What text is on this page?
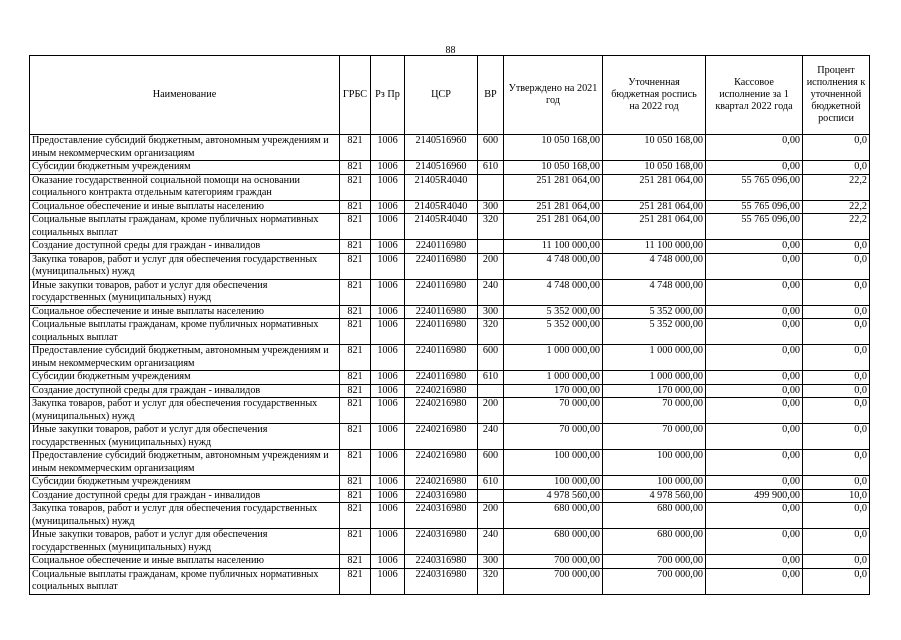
88
Наименование	ГРБС	Рз Пр	ЦСР	ВР	Утверждено на 2021 год	Уточненная бюджетная роспись на 2022 год	Кассовое исполнение за 1 квартал 2022 года	Процент исполнения к уточненной бюджетной росписи
Предоставление субсидий бюджетным, автономным учреждениям и иным некоммерческим организациям	821	1006	2140516960	600	10 050 168,00	10 050 168,00	0,00	0,0
Субсидии бюджетным учреждениям	821	1006	2140516960	610	10 050 168,00	10 050 168,00	0,00	0,0
Оказание государственной социальной помощи на основании социального контракта отдельным категориям граждан	821	1006	21405R4040		251 281 064,00	251 281 064,00	55 765 096,00	22,2
Социальное обеспечение и иные выплаты населению	821	1006	21405R4040	300	251 281 064,00	251 281 064,00	55 765 096,00	22,2
Социальные выплаты гражданам, кроме публичных нормативных социальных выплат	821	1006	21405R4040	320	251 281 064,00	251 281 064,00	55 765 096,00	22,2
Создание доступной среды для граждан - инвалидов	821	1006	2240116980		11 100 000,00	11 100 000,00	0,00	0,0
Закупка товаров, работ и услуг для обеспечения государственных (муниципальных) нужд	821	1006	2240116980	200	4 748 000,00	4 748 000,00	0,00	0,0
Иные закупки товаров, работ и услуг для обеспечения государственных (муниципальных) нужд	821	1006	2240116980	240	4 748 000,00	4 748 000,00	0,00	0,0
Социальное обеспечение и иные выплаты населению	821	1006	2240116980	300	5 352 000,00	5 352 000,00	0,00	0,0
Социальные выплаты гражданам, кроме публичных нормативных социальных выплат	821	1006	2240116980	320	5 352 000,00	5 352 000,00	0,00	0,0
Предоставление субсидий бюджетным, автономным учреждениям и иным некоммерческим организациям	821	1006	2240116980	600	1 000 000,00	1 000 000,00	0,00	0,0
Субсидии бюджетным учреждениям	821	1006	2240116980	610	1 000 000,00	1 000 000,00	0,00	0,0
Создание доступной среды для граждан - инвалидов	821	1006	2240216980		170 000,00	170 000,00	0,00	0,0
Закупка товаров, работ и услуг для обеспечения государственных (муниципальных) нужд	821	1006	2240216980	200	70 000,00	70 000,00	0,00	0,0
Иные закупки товаров, работ и услуг для обеспечения государственных (муниципальных) нужд	821	1006	2240216980	240	70 000,00	70 000,00	0,00	0,0
Предоставление субсидий бюджетным, автономным учреждениям и иным некоммерческим организациям	821	1006	2240216980	600	100 000,00	100 000,00	0,00	0,0
Субсидии бюджетным учреждениям	821	1006	2240216980	610	100 000,00	100 000,00	0,00	0,0
Создание доступной среды для граждан - инвалидов	821	1006	2240316980		4 978 560,00	4 978 560,00	499 900,00	10,0
Закупка товаров, работ и услуг для обеспечения государственных (муниципальных) нужд	821	1006	2240316980	200	680 000,00	680 000,00	0,00	0,0
Иные закупки товаров, работ и услуг для обеспечения государственных (муниципальных) нужд	821	1006	2240316980	240	680 000,00	680 000,00	0,00	0,0
Социальное обеспечение и иные выплаты населению	821	1006	2240316980	300	700 000,00	700 000,00	0,00	0,0
Социальные выплаты гражданам, кроме публичных нормативных социальных выплат	821	1006	2240316980	320	700 000,00	700 000,00	0,00	0,0
